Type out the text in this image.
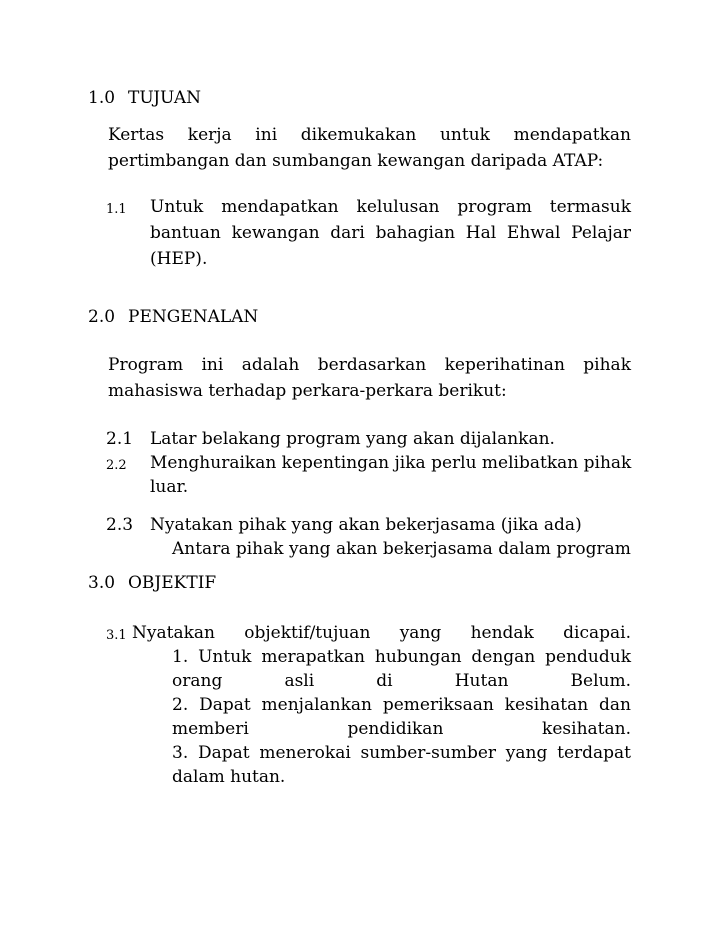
1.0 TUJUAN
Kertas kerja ini dikemukakan untuk mendapatkan
pertimbangan dan sumbangan kewangan daripada ATAP:
1.1 Untuk mendapatkan kelulusan program termasuk
bantuan kewangan dari bahagian Hal Ehwal Pelajar
(HEP).
2.0 PENGENALAN
Program ini adalah berdasarkan keperihatinan pihak
mahasiswa terhadap perkara-perkara berikut:
2.1 Latar belakang program yang akan dijalankan.
2.2 Menghuraikan kepentingan jika perlu melibatkan pihak
luar.
2.3 Nyatakan pihak yang akan bekerjasama (jika ada)
Antara pihak yang akan bekerjasama dalam program
3.0 OBJEKTIF
3.1 Nyatakan objektif/tujuan yang hendak dicapai.
1. Untuk merapatkan hubungan dengan penduduk
orang asli di Hutan Belum.
2. Dapat menjalankan pemeriksaan kesihatan dan
memberi pendidikan kesihatan.
3. Dapat menerokai sumber-sumber yang terdapat
dalam hutan.
